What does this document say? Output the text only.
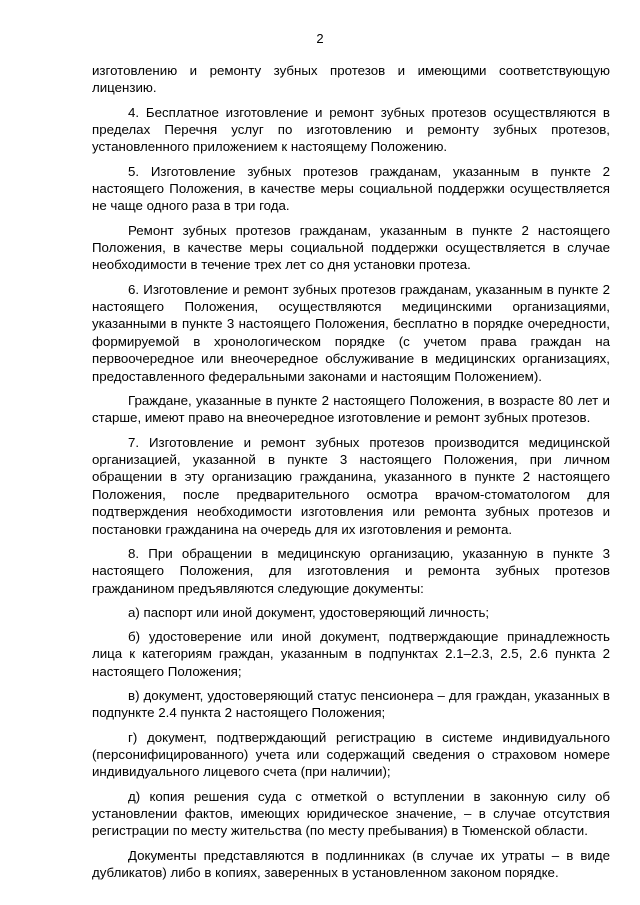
2

изготовлению и ремонту зубных протезов и имеющими соответствующую лицензию.

4. Бесплатное изготовление и ремонт зубных протезов осуществляются в пределах Перечня услуг по изготовлению и ремонту зубных протезов, установленного приложением к настоящему Положению.

5. Изготовление зубных протезов гражданам, указанным в пункте 2 настоящего Положения, в качестве меры социальной поддержки осуществляется не чаще одного раза в три года.

Ремонт зубных протезов гражданам, указанным в пункте 2 настоящего Положения, в качестве меры социальной поддержки осуществляется в случае необходимости в течение трех лет со дня установки протеза.

6. Изготовление и ремонт зубных протезов гражданам, указанным в пункте 2 настоящего Положения, осуществляются медицинскими организациями, указанными в пункте 3 настоящего Положения, бесплатно в порядке очередности, формируемой в хронологическом порядке (с учетом права граждан на первоочередное или внеочередное обслуживание в медицинских организациях, предоставленного федеральными законами и настоящим Положением).

Граждане, указанные в пункте 2 настоящего Положения, в возрасте 80 лет и старше, имеют право на внеочередное изготовление и ремонт зубных протезов.

7. Изготовление и ремонт зубных протезов производится медицинской организацией, указанной в пункте 3 настоящего Положения, при личном обращении в эту организацию гражданина, указанного в пункте 2 настоящего Положения, после предварительного осмотра врачом-стоматологом для подтверждения необходимости изготовления или ремонта зубных протезов и постановки гражданина на очередь для их изготовления и ремонта.

8. При обращении в медицинскую организацию, указанную в пункте 3 настоящего Положения, для изготовления и ремонта зубных протезов гражданином предъявляются следующие документы:

а) паспорт или иной документ, удостоверяющий личность;

б) удостоверение или иной документ, подтверждающие принадлежность лица к категориям граждан, указанным в подпунктах 2.1–2.3, 2.5, 2.6 пункта 2 настоящего Положения;

в) документ, удостоверяющий статус пенсионера – для граждан, указанных в подпункте 2.4 пункта 2 настоящего Положения;

г) документ, подтверждающий регистрацию в системе индивидуального (персонифицированного) учета или содержащий сведения о страховом номере индивидуального лицевого счета (при наличии);

д) копия решения суда с отметкой о вступлении в законную силу об установлении фактов, имеющих юридическое значение, – в случае отсутствия регистрации по месту жительства (по месту пребывания) в Тюменской области.

Документы представляются в подлинниках (в случае их утраты – в виде дубликатов) либо в копиях, заверенных в установленном законом порядке.
